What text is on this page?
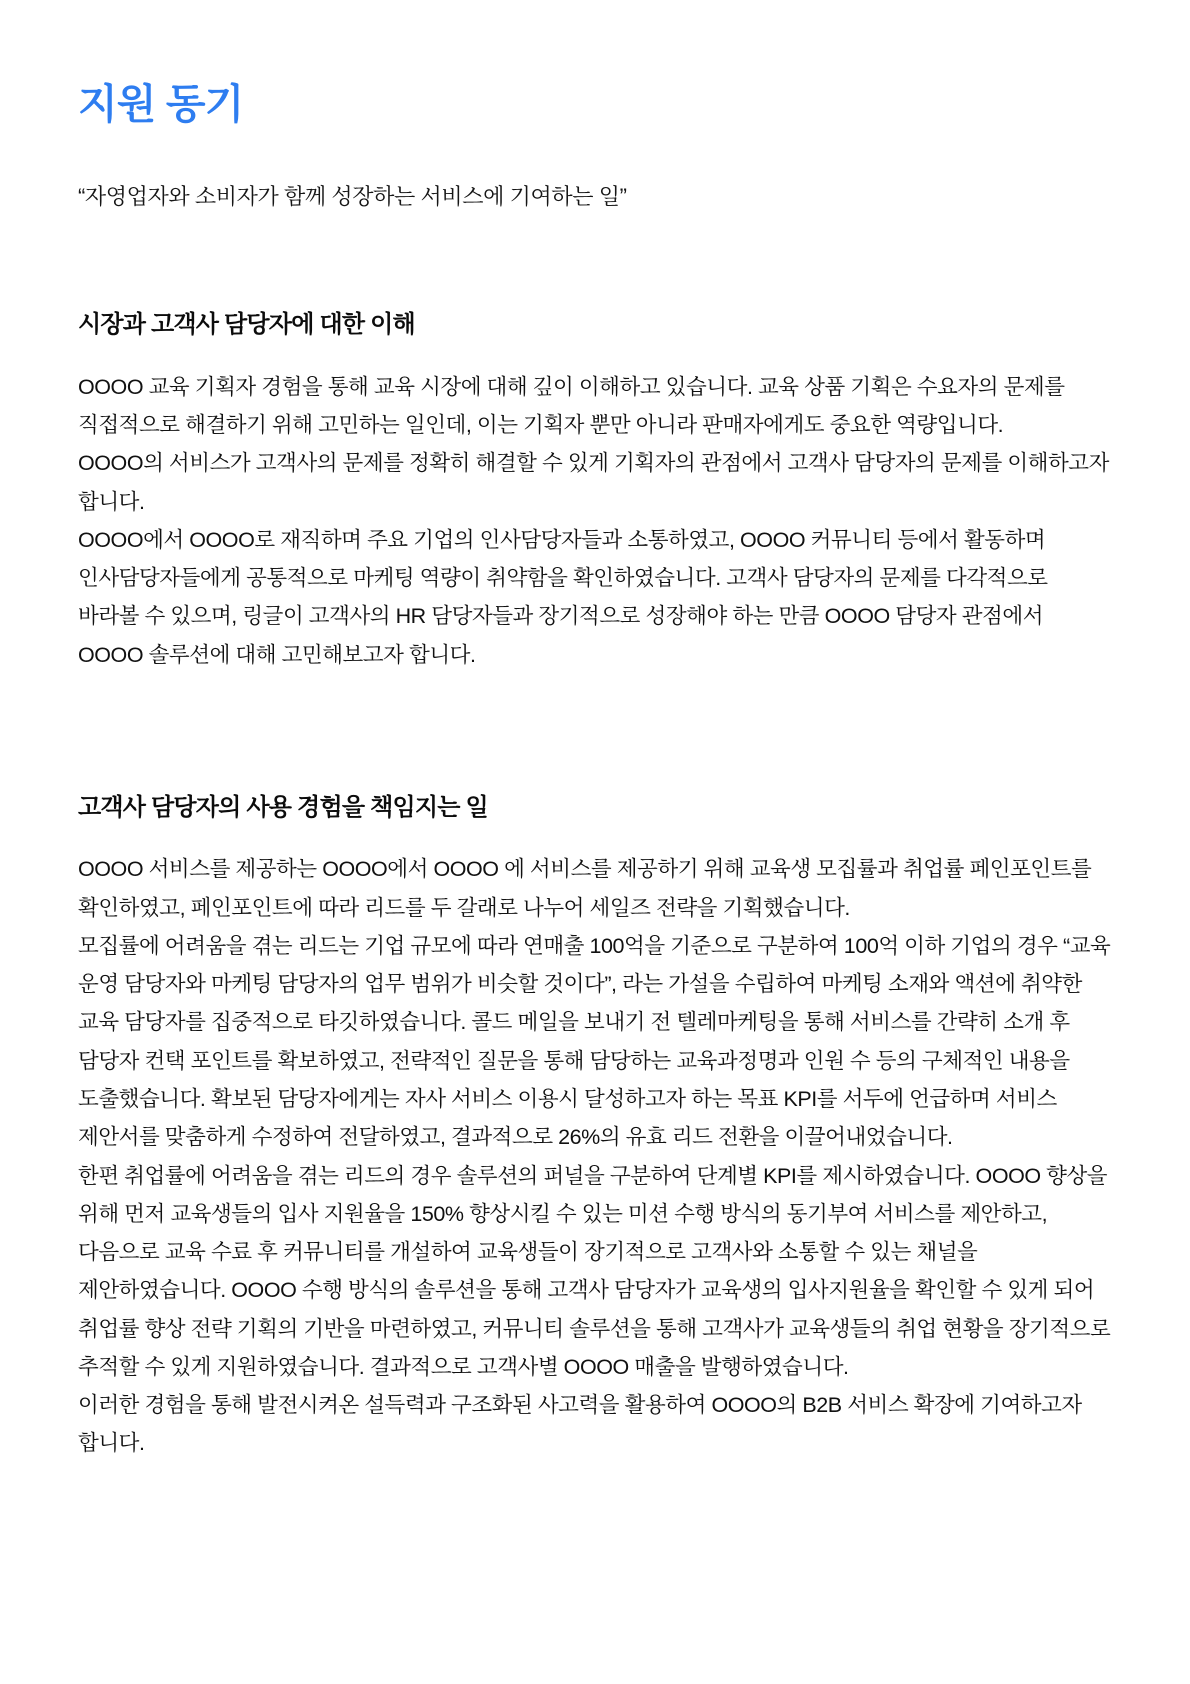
지원 동기

“자영업자와 소비자가 함께 성장하는 서비스에 기여하는 일”

시장과 고객사 담당자에 대한 이해

OOOO 교육 기획자 경험을 통해 교육 시장에 대해 깊이 이해하고 있습니다. 교육 상품 기획은 수요자의 문제를 직접적으로 해결하기 위해 고민하는 일인데, 이는 기획자 뿐만 아니라 판매자에게도 중요한 역량입니다.

OOOO의 서비스가 고객사의 문제를 정확히 해결할 수 있게 기획자의 관점에서 고객사 담당자의 문제를 이해하고자 합니다.

OOOO에서 OOOO로 재직하며 주요 기업의 인사담당자들과 소통하였고, OOOO 커뮤니티 등에서 활동하며 인사담당자들에게 공통적으로 마케팅 역량이 취약함을 확인하였습니다. 고객사 담당자의 문제를 다각적으로 바라볼 수 있으며, 링글이 고객사의 HR 담당자들과 장기적으로 성장해야 하는 만큼 OOOO 담당자 관점에서 OOOO 솔루션에 대해 고민해보고자 합니다.

고객사 담당자의 사용 경험을 책임지는 일

OOOO 서비스를 제공하는 OOOO에서 OOOO 에 서비스를 제공하기 위해 교육생 모집률과 취업률 페인포인트를 확인하였고, 페인포인트에 따라 리드를 두 갈래로 나누어 세일즈 전략을 기획했습니다.

모집률에 어려움을 겪는 리드는 기업 규모에 따라 연매출 100억을 기준으로 구분하여 100억 이하 기업의 경우 “교육 운영 담당자와 마케팅 담당자의 업무 범위가 비슷할 것이다”, 라는 가설을 수립하여 마케팅 소재와 액션에 취약한 교육 담당자를 집중적으로 타깃하였습니다. 콜드 메일을 보내기 전 텔레마케팅을 통해 서비스를 간략히 소개 후 담당자 컨택 포인트를 확보하였고, 전략적인 질문을 통해 담당하는 교육과정명과 인원 수 등의 구체적인 내용을 도출했습니다. 확보된 담당자에게는 자사 서비스 이용시 달성하고자 하는 목표 KPI를 서두에 언급하며 서비스 제안서를 맞춤하게 수정하여 전달하였고, 결과적으로 26%의 유효 리드 전환을 이끌어내었습니다.

한편 취업률에 어려움을 겪는 리드의 경우 솔루션의 퍼널을 구분하여 단계별 KPI를 제시하였습니다. OOOO 향상을 위해 먼저 교육생들의 입사 지원율을 150% 향상시킬 수 있는 미션 수행 방식의 동기부여 서비스를 제안하고, 다음으로 교육 수료 후 커뮤니티를 개설하여 교육생들이 장기적으로 고객사와 소통할 수 있는 채널을 제안하였습니다. OOOO 수행 방식의 솔루션을 통해 고객사 담당자가 교육생의 입사지원율을 확인할 수 있게 되어 취업률 향상 전략 기획의 기반을 마련하였고, 커뮤니티 솔루션을 통해 고객사가 교육생들의 취업 현황을 장기적으로 추적할 수 있게 지원하였습니다. 결과적으로 고객사별 OOOO 매출을 발행하였습니다.

이러한 경험을 통해 발전시켜온 설득력과 구조화된 사고력을 활용하여 OOOO의 B2B 서비스 확장에 기여하고자 합니다.
